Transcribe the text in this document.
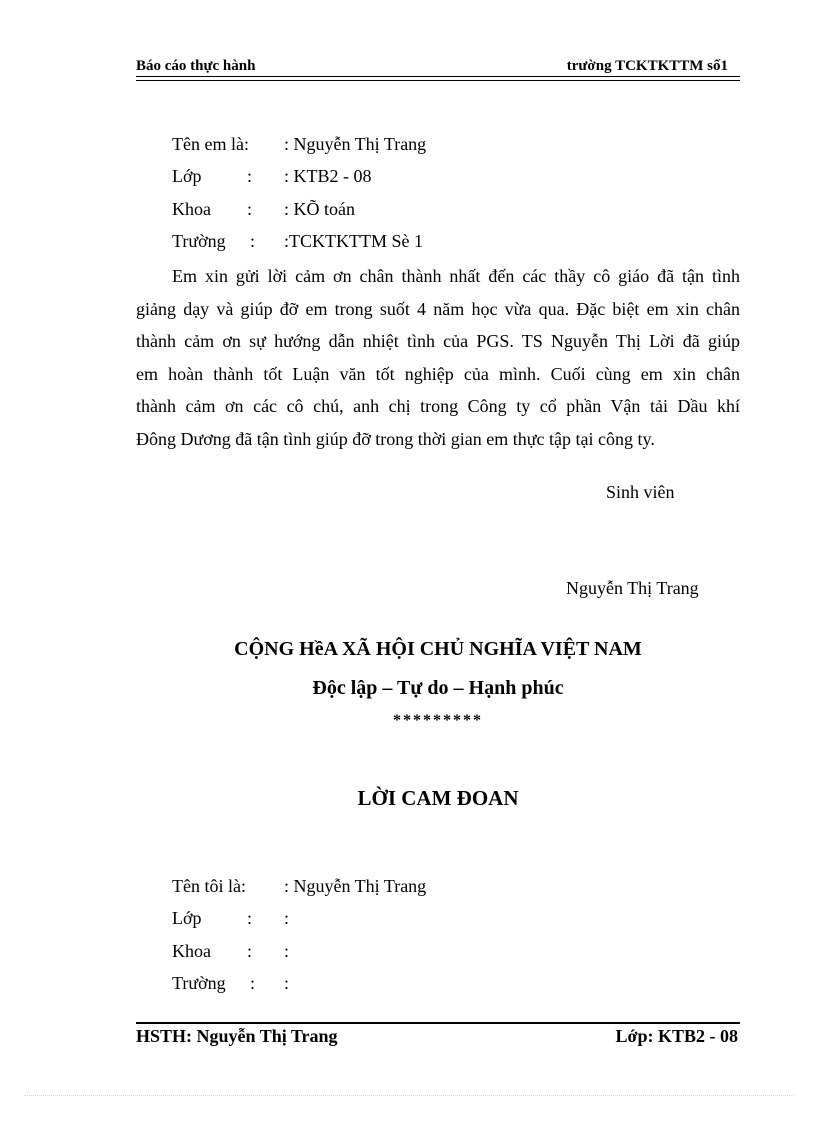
Báo cáo thực hành	trường TCKTKTTM số1
Tên em là: : Nguyễn Thị Trang
Lớp	: : KTB2 - 08
Khoa : : KÕ toán
Trường : :TCKTKTTM Sè 1
Em xin gửi lời cảm ơn chân thành nhất đến các thầy cô giáo đã tận tình
giảng dạy và giúp đỡ em trong suốt 4 năm học vừa qua. Đặc biệt em xin chân
thành cảm ơn sự hướng dẫn nhiệt tình của PGS. TS Nguyễn Thị Lời đã giúp
em hoàn thành tốt Luận văn tốt nghiệp của mình. Cuối cùng em xin chân
thành cảm ơn các cô chú, anh chị trong Công ty cổ phần Vận tải Dầu khí
Đông Dương đã tận tình giúp đỡ trong thời gian em thực tập tại công ty.
Sinh viên
Nguyễn Thị Trang
CỘNG HềA XÃ HỘI CHỦ NGHĨA VIỆT NAM
Độc lập – Tự do – Hạnh phúc
*********
LỜI CAM ĐOAN
Tên tôi là: : Nguyễn Thị Trang
Lớp	: :
Khoa : :
Trường : :
HSTH: Nguyễn Thị Trang	Lớp: KTB2 - 08
